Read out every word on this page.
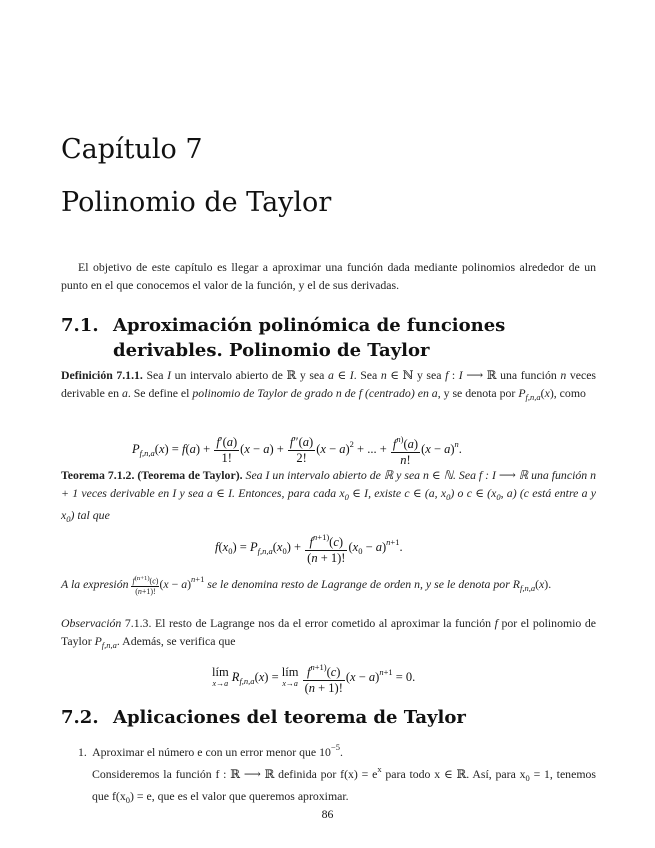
Capítulo 7
Polinomio de Taylor
El objetivo de este capítulo es llegar a aproximar una función dada mediante polinomios alrededor de un punto en el que conocemos el valor de la función, y el de sus derivadas.
7.1. Aproximación polinómica de funciones derivables. Polinomio de Taylor
Definición 7.1.1. Sea I un intervalo abierto de ℝ y sea a ∈ I. Sea n ∈ ℕ y sea f : I ⟶ ℝ una función n veces derivable en a. Se define el polinomio de Taylor de grado n de f (centrado) en a, y se denota por $P_{f,n,a}(x)$, como
$P_{f,n,a}(x) = f(a) + \frac{f'(a)}{1!} (x - a) + \frac{f''(a)}{2!} (x - a)^2$ + ... + $\frac{f^{n)}(a)}{n!} (x - a)^n$.
Teorema 7.1.2. (Teorema de Taylor). Sea I un intervalo abierto de ℝ y sea n ∈ ℕ. Sea f : I ⟶ ℝ una función n + 1 veces derivable en I y sea a ∈ I. Entonces, para cada $x_0$ ∈ I, existe c ∈ (a, $x_0$) o c ∈ ($x_0$, a) (c está entre a y $x_0$) tal que
$f(x_0) = P_{f,n,a}(x_0) + \frac{f^{n+1)}(c)}{(n + 1)!} (x_0 - a)^{n+1}$.
A la expresión $\frac{f^{(n+1)}(c)}{(n+1)!} (x - a)^{n+1}$ se le denomina resto de Lagrange de orden n, y se le denota por $R_{f,n,a}(x)$.
Observación 7.1.3. El resto de Lagrange nos da el error cometido al aproximar la función f por el polinomio de Taylor $P_{f,n,a}$. Además, se verifica que
lím
x→a $R_{f,n,a}(x)$ = lím
x→a
$\frac{f^{n+1)}(c)}{(n + 1)!} (x - a)^{n+1} = 0$.
7.2. Aplicaciones del teorema de Taylor
1. Aproximar el número e con un error menor que $10^{-5}$.
Consideremos la función f : ℝ ⟶ ℝ definida por $f(x) = e^x$ para todo x ∈ ℝ. Así, para $x_0 = 1$, tenemos que $f(x_0) = e$, que es el valor que queremos aproximar.
86
